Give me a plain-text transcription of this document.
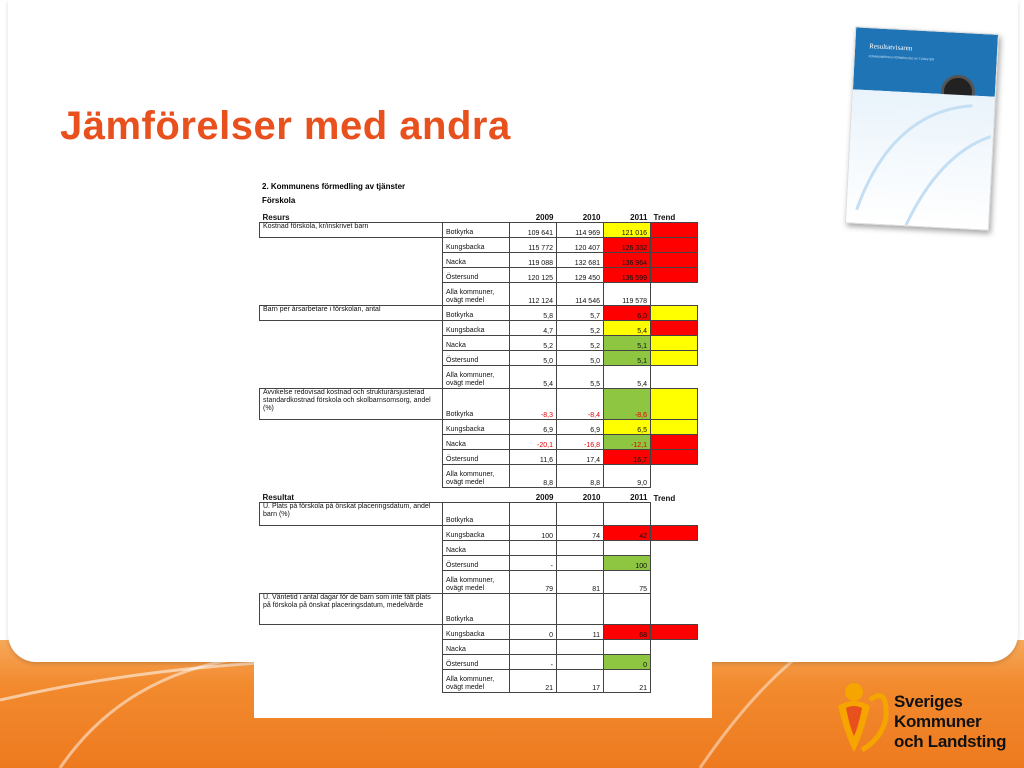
Jämförelser med andra
Resultatvisaren
KOMMUNERNAS FÖRMEDLING AV TJÄNSTER
2. Kommunens förmedling av tjänster
Förskola
Resurs		2009	2010	2011	Trend
Kostnad förskola, kr/inskrivet barn	Botkyrka	109 641	114 969	121 016	
	Kungsbacka	115 772	120 407	126 332	
	Nacka	119 088	132 681	136 964	
	Östersund	120 125	129 450	136 599	
	Alla kommuner, ovägt medel	112 124	114 546	119 578	
Barn per årsarbetare i förskolan, antal	Botkyrka	5,8	5,7	6,0	
	Kungsbacka	4,7	5,2	5,4	
	Nacka	5,2	5,2	5,1	
	Östersund	5,0	5,0	5,1	
	Alla kommuner, ovägt medel	5,4	5,5	5,4	
Avvikelse redovisad kostnad och strukturårsjusterad standardkostnad förskola och skolbarnsomsorg, andel (%)	Botkyrka	-8,3	-8,4	-8,6	
	Kungsbacka	6,9	6,9	6,5	
	Nacka	-20,1	-16,8	-12,1	
	Östersund	11,6	17,4	16,7	
	Alla kommuner, ovägt medel	8,8	8,8	9,0	
Resultat		2009	2010	2011	Trend
U. Plats på förskola på önskat placeringsdatum, andel barn (%)	Botkyrka				
	Kungsbacka	100	74	42	
	Nacka				
	Östersund	-		100	
	Alla kommuner, ovägt medel	79	81	75	
U. Väntetid i antal dagar för de barn som inte fått plats på förskola på önskat placeringsdatum, medelvärde	Botkyrka				
	Kungsbacka	0	11	68	
	Nacka				
	Östersund	-		0	
	Alla kommuner, ovägt medel	21	17	21	
Sveriges
Kommuner
och Landsting
